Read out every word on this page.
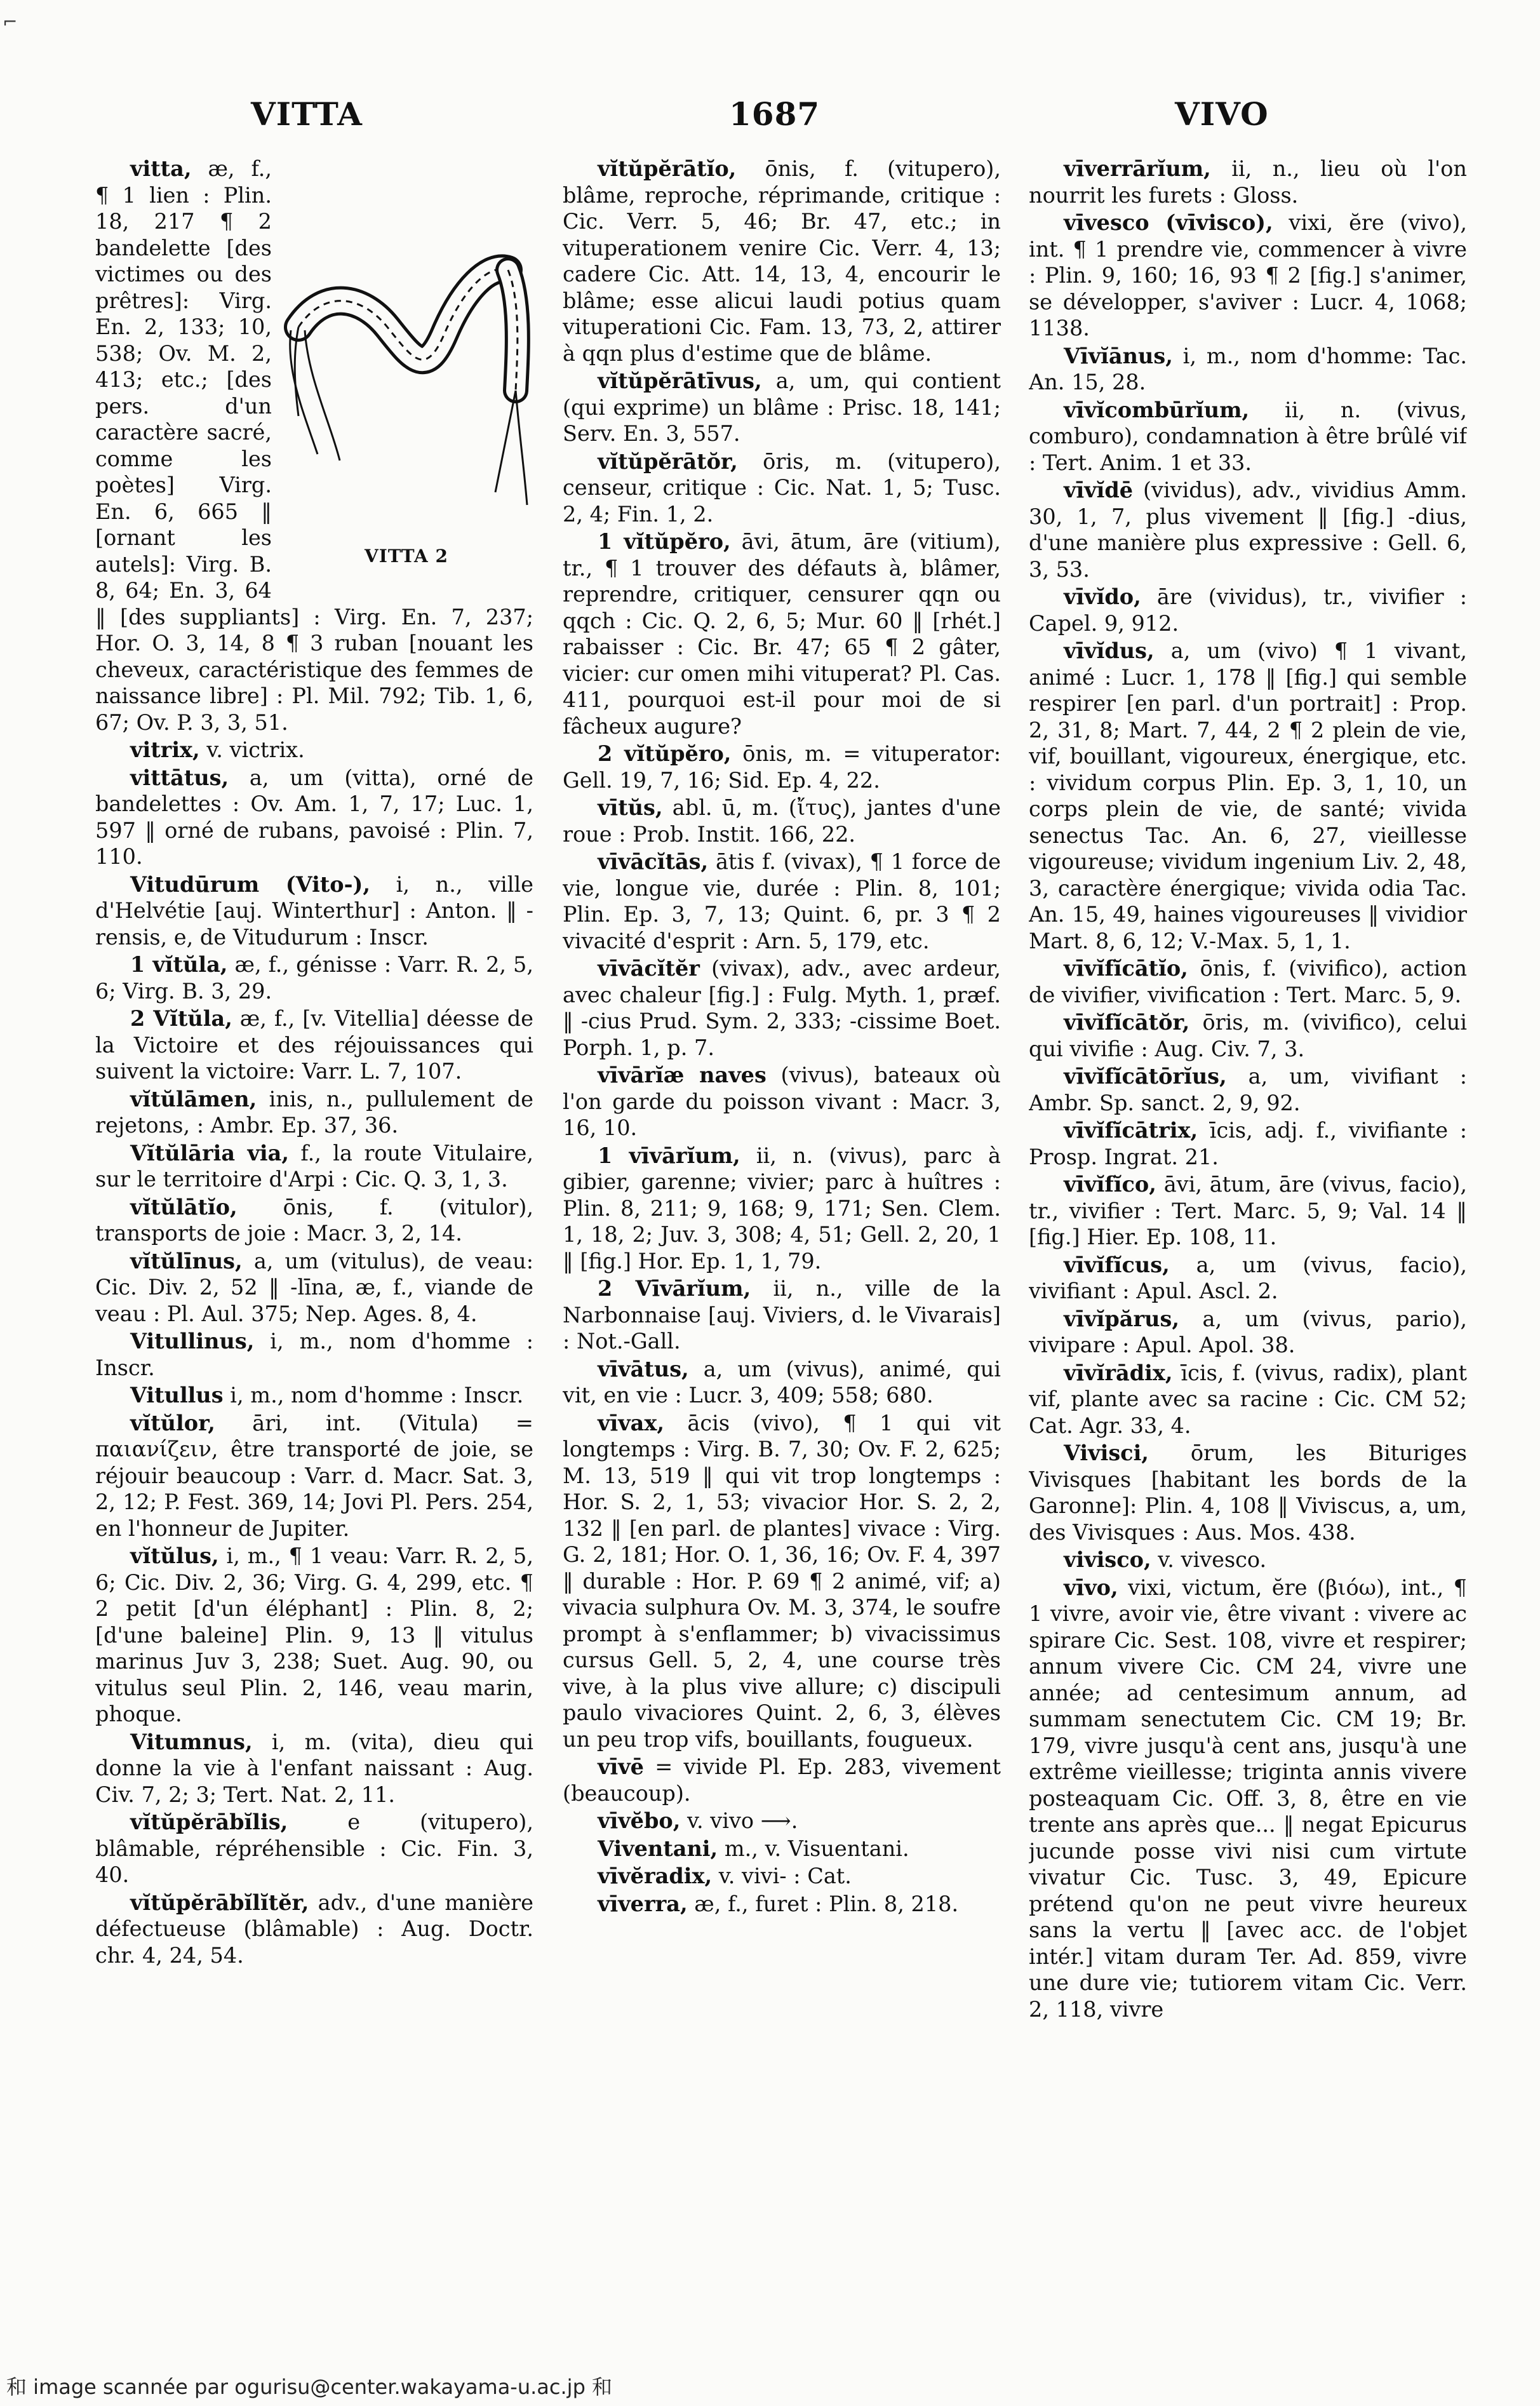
⌐
VITTA	1687	VIVO
VITTA 2

vitta, æ, f., ¶ 1 lien : Plin. 18, 217 ¶ 2 bandelette [des victimes ou des prêtres]: Virg. En. 2, 133; 10, 538; Ov. M. 2, 413; etc.; [des pers. d'un caractère sacré, comme les poètes] Virg. En. 6, 665 ‖ [ornant les autels]: Virg. B. 8, 64; En. 3, 64 ‖ [des suppliants] : Virg. En. 7, 237; Hor. O. 3, 14, 8 ¶ 3 ruban [nouant les cheveux, caractéristique des femmes de naissance libre] : Pl. Mil. 792; Tib. 1, 6, 67; Ov. P. 3, 3, 51.

vitrix, v. victrix.

vittātus, a, um (vitta), orné de bandelettes : Ov. Am. 1, 7, 17; Luc. 1, 597 ‖ orné de rubans, pavoisé : Plin. 7, 110.

Vitudūrum (Vito-), i, n., ville d'Helvétie [auj. Winterthur] : Anton. ‖ -rensis, e, de Vitudurum : Inscr.

1 vĭtŭla, æ, f., génisse : Varr. R. 2, 5, 6; Virg. B. 3, 29.

2 Vĭtŭla, æ, f., [v. Vitellia] déesse de la Victoire et des réjouissances qui suivent la victoire: Varr. L. 7, 107.

vĭtŭlāmen, inis, n., pullulement de rejetons, : Ambr. Ep. 37, 36.

Vĭtŭlāria via, f., la route Vitulaire, sur le territoire d'Arpi : Cic. Q. 3, 1, 3.

vĭtŭlātĭo, ōnis, f. (vitulor), transports de joie : Macr. 3, 2, 14.

vĭtŭlīnus, a, um (vitulus), de veau: Cic. Div. 2, 52 ‖ -līna, æ, f., viande de veau : Pl. Aul. 375; Nep. Ages. 8, 4.

Vitullinus, i, m., nom d'homme : Inscr.

Vitullus i, m., nom d'homme : Inscr.

vĭtŭlor, āri, int. (Vitula) = παιανίζειν, être transporté de joie, se réjouir beaucoup : Varr. d. Macr. Sat. 3, 2, 12; P. Fest. 369, 14; Jovi Pl. Pers. 254, en l'honneur de Jupiter.

vĭtŭlus, i, m., ¶ 1 veau: Varr. R. 2, 5, 6; Cic. Div. 2, 36; Virg. G. 4, 299, etc. ¶ 2 petit [d'un éléphant] : Plin. 8, 2; [d'une baleine] Plin. 9, 13 ‖ vitulus marinus Juv 3, 238; Suet. Aug. 90, ou vitulus seul Plin. 2, 146, veau marin, phoque.

Vitumnus, i, m. (vita), dieu qui donne la vie à l'enfant naissant : Aug. Civ. 7, 2; 3; Tert. Nat. 2, 11.

vĭtŭpĕrābĭlis, e (vitupero), blâmable, répréhensible : Cic. Fin. 3, 40.

vĭtŭpĕrābĭlĭtĕr, adv., d'une manière défectueuse (blâmable) : Aug. Doctr. chr. 4, 24, 54.

vĭtŭpĕrātĭo, ōnis, f. (vitupero), blâme, reproche, réprimande, critique : Cic. Verr. 5, 46; Br. 47, etc.; in vituperationem venire Cic. Verr. 4, 13; cadere Cic. Att. 14, 13, 4, encourir le blâme; esse alicui laudi potius quam vituperationi Cic. Fam. 13, 73, 2, attirer à qqn plus d'estime que de blâme.

vĭtŭpĕrātīvus, a, um, qui contient (qui exprime) un blâme : Prisc. 18, 141; Serv. En. 3, 557.

vĭtŭpĕrātŏr, ōris, m. (vitupero), censeur, critique : Cic. Nat. 1, 5; Tusc. 2, 4; Fin. 1, 2.

1 vĭtŭpĕro, āvi, ātum, āre (vitium), tr., ¶ 1 trouver des défauts à, blâmer, reprendre, critiquer, censurer qqn ou qqch : Cic. Q. 2, 6, 5; Mur. 60 ‖ [rhét.] rabaisser : Cic. Br. 47; 65 ¶ 2 gâter, vicier: cur omen mihi vituperat? Pl. Cas. 411, pourquoi est-il pour moi de si fâcheux augure?

2 vĭtŭpĕro, ōnis, m. = vituperator: Gell. 19, 7, 16; Sid. Ep. 4, 22.

vītŭs, abl. ū, m. (ἴτυς), jantes d'une roue : Prob. Instit. 166, 22.

vīvācĭtās, ātis f. (vivax), ¶ 1 force de vie, longue vie, durée : Plin. 8, 101; Plin. Ep. 3, 7, 13; Quint. 6, pr. 3 ¶ 2 vivacité d'esprit : Arn. 5, 179, etc.

vīvācĭtĕr (vivax), adv., avec ardeur, avec chaleur [fig.] : Fulg. Myth. 1, præf. ‖ -cius Prud. Sym. 2, 333; -cissime Boet. Porph. 1, p. 7.

vīvārĭæ naves (vivus), bateaux où l'on garde du poisson vivant : Macr. 3, 16, 10.

1 vīvārĭum, ii, n. (vivus), parc à gibier, garenne; vivier; parc à huîtres : Plin. 8, 211; 9, 168; 9, 171; Sen. Clem. 1, 18, 2; Juv. 3, 308; 4, 51; Gell. 2, 20, 1 ‖ [fig.] Hor. Ep. 1, 1, 79.

2 Vīvārĭum, ii, n., ville de la Narbonnaise [auj. Viviers, d. le Vivarais] : Not.-Gall.

vīvātus, a, um (vivus), animé, qui vit, en vie : Lucr. 3, 409; 558; 680.

vīvax, ācis (vivo), ¶ 1 qui vit longtemps : Virg. B. 7, 30; Ov. F. 2, 625; M. 13, 519 ‖ qui vit trop longtemps : Hor. S. 2, 1, 53; vivacior Hor. S. 2, 2, 132 ‖ [en parl. de plantes] vivace : Virg. G. 2, 181; Hor. O. 1, 36, 16; Ov. F. 4, 397 ‖ durable : Hor. P. 69 ¶ 2 animé, vif; a) vivacia sulphura Ov. M. 3, 374, le soufre prompt à s'enflammer; b) vivacissimus cursus Gell. 5, 2, 4, une course très vive, à la plus vive allure; c) discipuli paulo vivaciores Quint. 2, 6, 3, élèves un peu trop vifs, bouillants, fougueux.

vīvē = vivide Pl. Ep. 283, vivement (beaucoup).

vīvĕbo, v. vivo ⟶.

Viventani, m., v. Visuentani.

vīvĕradix, v. vivi- : Cat.

vīverra, æ, f., furet : Plin. 8, 218.

vīverrārĭum, ii, n., lieu où l'on nourrit les furets : Gloss.

vīvesco (vīvisco), vixi, ĕre (vivo), int. ¶ 1 prendre vie, commencer à vivre : Plin. 9, 160; 16, 93 ¶ 2 [fig.] s'animer, se développer, s'aviver : Lucr. 4, 1068; 1138.

Vīvĭānus, i, m., nom d'homme: Tac. An. 15, 28.

vīvĭcombūrĭum, ii, n. (vivus, comburo), condamnation à être brûlé vif : Tert. Anim. 1 et 33.

vīvĭdē (vividus), adv., vividius Amm. 30, 1, 7, plus vivement ‖ [fig.] -dius, d'une manière plus expressive : Gell. 6, 3, 53.

vīvĭdo, āre (vividus), tr., vivifier : Capel. 9, 912.

vīvĭdus, a, um (vivo) ¶ 1 vivant, animé : Lucr. 1, 178 ‖ [fig.] qui semble respirer [en parl. d'un portrait] : Prop. 2, 31, 8; Mart. 7, 44, 2 ¶ 2 plein de vie, vif, bouillant, vigoureux, énergique, etc. : vividum corpus Plin. Ep. 3, 1, 10, un corps plein de vie, de santé; vivida senectus Tac. An. 6, 27, vieillesse vigoureuse; vividum ingenium Liv. 2, 48, 3, caractère énergique; vivida odia Tac. An. 15, 49, haines vigoureuses ‖ vividior Mart. 8, 6, 12; V.-Max. 5, 1, 1.

vīvĭfĭcātĭo, ōnis, f. (vivifico), action de vivifier, vivification : Tert. Marc. 5, 9.

vīvĭfĭcātŏr, ōris, m. (vivifico), celui qui vivifie : Aug. Civ. 7, 3.

vīvĭfĭcātōrĭus, a, um, vivifiant : Ambr. Sp. sanct. 2, 9, 92.

vīvĭfĭcātrix, īcis, adj. f., vivifiante : Prosp. Ingrat. 21.

vīvĭfĭco, āvi, ātum, āre (vivus, facio), tr., vivifier : Tert. Marc. 5, 9; Val. 14 ‖ [fig.] Hier. Ep. 108, 11.

vīvĭfĭcus, a, um (vivus, facio), vivifiant : Apul. Ascl. 2.

vīvĭpărus, a, um (vivus, pario), vivipare : Apul. Apol. 38.

vīvĭrādix, īcis, f. (vivus, radix), plant vif, plante avec sa racine : Cic. CM 52; Cat. Agr. 33, 4.

Vivisci, ōrum, les Bituriges Vivisques [habitant les bords de la Garonne]: Plin. 4, 108 ‖ Viviscus, a, um, des Vivisques : Aus. Mos. 438.

vivisco, v. vivesco.

vīvo, vixi, victum, ĕre (βιόω), int., ¶ 1 vivre, avoir vie, être vivant : vivere ac spirare Cic. Sest. 108, vivre et respirer; annum vivere Cic. CM 24, vivre une année; ad centesimum annum, ad summam senectutem Cic. CM 19; Br. 179, vivre jusqu'à cent ans, jusqu'à une extrême vieillesse; triginta annis vivere posteaquam Cic. Off. 3, 8, être en vie trente ans après que... ‖ negat Epicurus jucunde posse vivi nisi cum virtute vivatur Cic. Tusc. 3, 49, Epicure prétend qu'on ne peut vivre heureux sans la vertu ‖ [avec acc. de l'objet intér.] vitam duram Ter. Ad. 859, vivre une dure vie; tutiorem vitam Cic. Verr. 2, 118, vivre

和 image scannée par ogurisu@center.wakayama-u.ac.jp 和
